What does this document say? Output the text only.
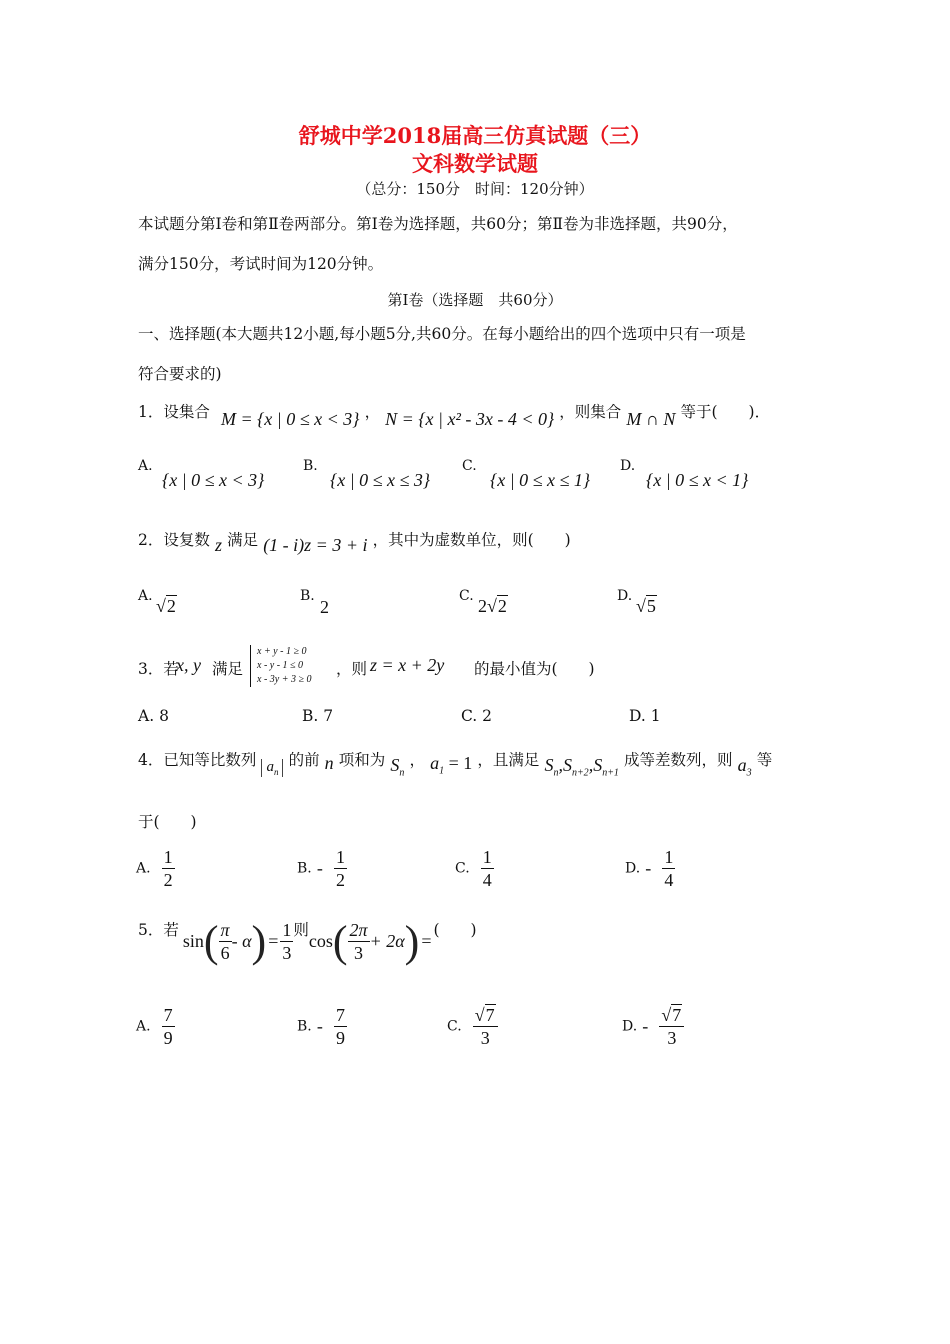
舒城中学2018届高三仿真试题（三）
文科数学试题
（总分：150分　时间：120分钟）
本试题分第Ⅰ卷和第Ⅱ卷两部分。第Ⅰ卷为选择题，共60分；第Ⅱ卷为非选择题，共90分，
满分150分，考试时间为120分钟。
第Ⅰ卷（选择题　共60分）
一、选择题(本大题共12小题,每小题5分,共60分。在每小题给出的四个选项中只有一项是
符合要求的)
1．设集合 M = {x | 0 ≤ x < 3} ， N = {x | x² - 3x - 4 < 0} ，则集合 M ∩ N 等于(　　)．
A.
{x | 0 ≤ x < 3}
B.
{x | 0 ≤ x ≤ 3}
C.
{x | 0 ≤ x ≤ 1}
D.
{x | 0 ≤ x < 1}
2．设复数 z 满足 (1 - i)z = 3 + i ，其中为虚数单位，则(　　)
A. √2	B.
2
C. 2√2	D. √5
3．若
x, y 满足
x + y - 1 ≥ 0
x - y - 1 ≤ 0
x - 3y + 3 ≥ 0
，则 z = x + 2y 的最小值为(　　)
A. 8	B. 7	C. 2	D. 1
4．已知等比数列 $a_n$ 的前 n 项和为 $S_n$ ， $a_1 = 1$ ，且满足 $S_n,S_{n+2},S_{n+1}$ 成等差数列，则 $a_3$ 等
于(　　)
A. $\frac{1}{2}$	B. - $\frac{1}{2}$	C. $\frac{1}{4}$	D. - $\frac{1}{4}$
5．若
sin ( $\frac{\pi}{6}$ - α ) = $\frac{1}{3}$ 则
cos ( $\frac{2\pi}{3} + 2\alpha$ ) =
(　　)
A. $\frac{7}{9}$	B. - $\frac{7}{9}$	C. $\frac{√7}{3}$	D. - $\frac{√7}{3}$
